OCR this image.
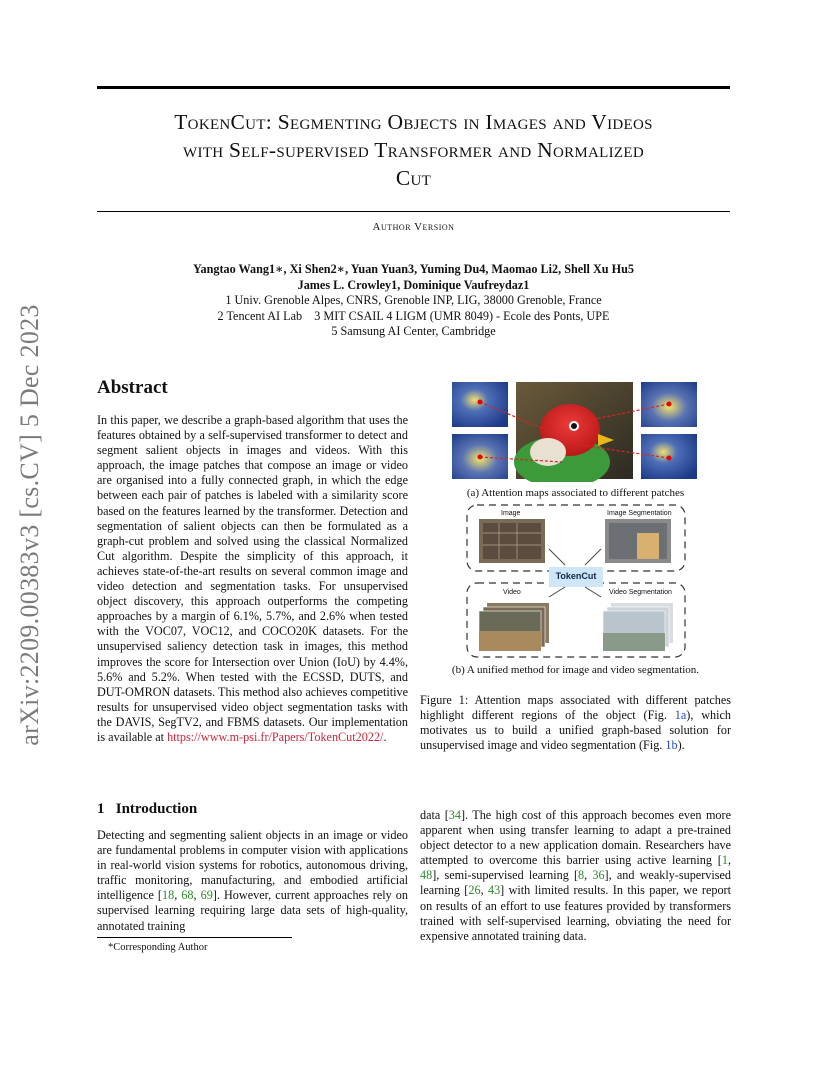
arXiv:2209.00383v3 [cs.CV] 5 Dec 2023
TokenCut: Segmenting Objects in Images and Videos
with Self-supervised Transformer and Normalized
Cut
Author Version
Yangtao Wang1∗, Xi Shen2∗, Yuan Yuan3, Yuming Du4, Maomao Li2, Shell Xu Hu5
James L. Crowley1, Dominique Vaufreydaz1
1 Univ. Grenoble Alpes, CNRS, Grenoble INP, LIG, 38000 Grenoble, France
2 Tencent AI Lab    3 MIT CSAIL 4 LIGM (UMR 8049) - Ecole des Ponts, UPE
5 Samsung AI Center, Cambridge
Abstract
In this paper, we describe a graph-based algorithm that uses the features obtained by a self-supervised transformer to detect and segment salient objects in images and videos. With this approach, the image patches that compose an image or video are organised into a fully connected graph, in which the edge between each pair of patches is labeled with a similarity score based on the features learned by the transformer. Detection and segmentation of salient objects can then be formulated as a graph-cut problem and solved using the classical Normalized Cut algorithm. Despite the simplicity of this approach, it achieves state-of-the-art results on several common image and video detection and segmentation tasks. For unsupervised object discovery, this approach outperforms the competing approaches by a margin of 6.1%, 5.7%, and 2.6% when tested with the VOC07, VOC12, and COCO20K datasets. For the unsupervised saliency detection task in images, this method improves the score for Intersection over Union (IoU) by 4.4%, 5.6% and 5.2%. When tested with the ECSSD, DUTS, and DUT-OMRON datasets. This method also achieves competitive results for unsupervised video object segmentation tasks with the DAVIS, SegTV2, and FBMS datasets. Our implementation is available at https://www.m-psi.fr/Papers/TokenCut2022/.
(a) Attention maps associated to different patches
Image	Image Segmentation
TokenCut
Video	Video Segmentation
(b) A unified method for image and video segmentation.
Figure 1: Attention maps associated with different patches highlight different regions of the object (Fig. 1a), which motivates us to build a unified graph-based solution for unsupervised image and video segmentation (Fig. 1b).
1   Introduction
Detecting and segmenting salient objects in an image or video are fundamental problems in computer vision with applications in real-world vision systems for robotics, autonomous driving, traffic monitoring, manufacturing, and embodied artificial intelligence [18, 68, 69]. However, current approaches rely on supervised learning requiring large data sets of high-quality, annotated training
*Corresponding Author
data [34]. The high cost of this approach becomes even more apparent when using transfer learning to adapt a pre-trained object detector to a new application domain. Researchers have attempted to overcome this barrier using active learning [1, 48], semi-supervised learning [8, 36], and weakly-supervised learning [26, 43] with limited results. In this paper, we report on results of an effort to use features provided by transformers trained with self-supervised learning, obviating the need for expensive annotated training data.
